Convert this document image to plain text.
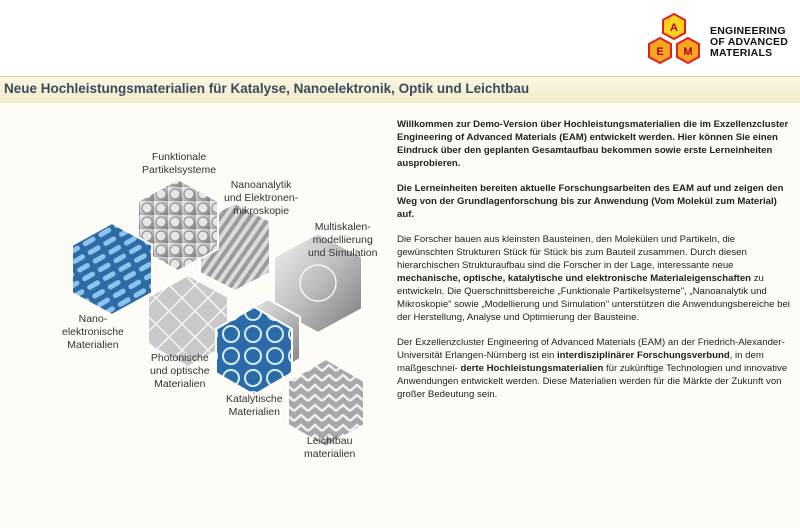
A
E M
ENGINEERING
OF ADVANCED
MATERIALS
Neue Hochleistungsmaterialien für Katalyse, Nanoelektronik, Optik und Leichtbau
Funktionale
Partikelsysteme
Nanoanalytik
und Elektronen-
mikroskopie
Multiskalen-
modellierung
und Simulation
Nano-
elektronische
Materialien
Photonische
und optische
Materialien
Katalytische
Materialien
Leichtbau
materialien

Willkommen zur Demo-Version über Hochleistungsmaterialien die im Exzellenzcluster Engineering of Advanced Materials (EAM) entwickelt werden. Hier können Sie einen Eindruck über den geplanten Gesamtaufbau bekommen sowie erste Lerneinheiten ausprobieren.

Die Lerneinheiten bereiten aktuelle Forschungsarbeiten des EAM auf und zeigen den Weg von der Grundlagenforschung bis zur Anwendung (Vom Molekül zum Material) auf.

Die Forscher bauen aus kleinsten Bausteinen, den Molekülen und Partikeln, die gewünschten Strukturen Stück für Stück bis zum Bauteil zusammen. Durch diesen hierarchischen Strukturaufbau sind die Forscher in der Lage, interessante neue mechanische, optische, katalytische und elektronische Materialeigenschaften zu entwickeln. Die Querschnittsbereiche „Funktionale Partikelsysteme", „Nanoanalytik und Mikroskopie" sowie „Modellierung und Simulation" unterstützen die Anwendungsbereiche bei der Herstellung, Analyse und Optimierung der Bausteine.

Der Exzellenzcluster Engineering of Advanced Materials (EAM) an der Friedrich-Alexander-Universität Erlangen-Nürnberg ist ein interdisziplinärer Forschungsverbund, in dem maßgeschnei- derte Hochleistungsmaterialien für zukünftige Technologien und innovative Anwendungen entwickelt werden. Diese Materialien werden für die Märkte der Zukunft von großer Bedeutung sein.
